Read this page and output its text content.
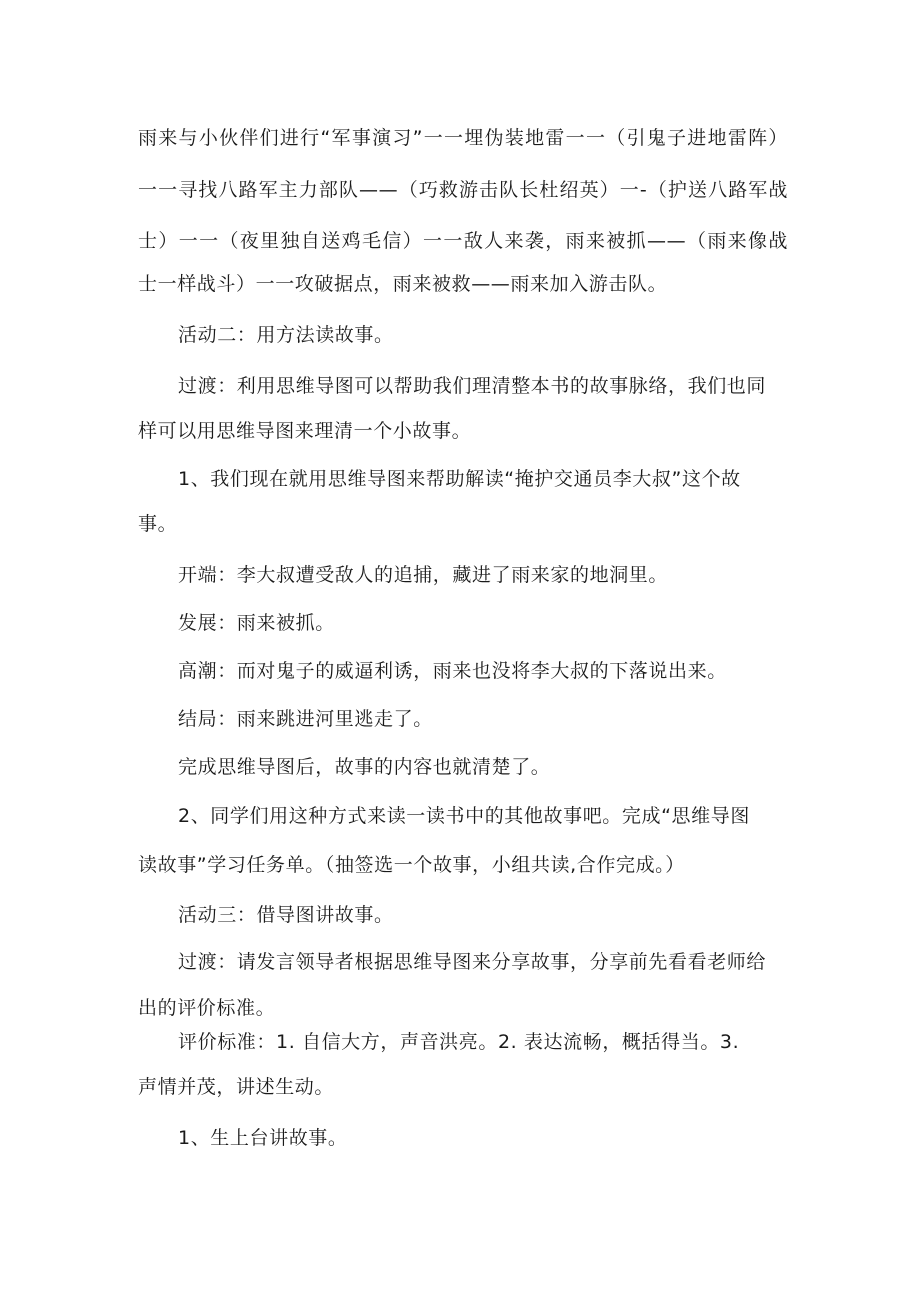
雨来与小伙伴们进行“军事演习”一一埋伪装地雷一一（引鬼子进地雷阵）
一一寻找八路军主力部队——（巧救游击队长杜绍英）一-（护送八路军战
士）一一（夜里独自送鸡毛信）一一敌人来袭，雨来被抓——（雨来像战
士一样战斗）一一攻破据点，雨来被救——雨来加入游击队。
活动二：用方法读故事。
过渡：利用思维导图可以帮助我们理清整本书的故事脉络，我们也同
样可以用思维导图来理清一个小故事。
1、我们现在就用思维导图来帮助解读“掩护交通员李大叔”这个故
事。
开端：李大叔遭受敌人的追捕，藏进了雨来家的地洞里。
发展：雨来被抓。
高潮：而对鬼子的威逼利诱，雨来也没将李大叔的下落说出来。
结局：雨来跳进河里逃走了。
完成思维导图后，故事的内容也就清楚了。
2、同学们用这种方式来读一读书中的其他故事吧。完成“思维导图
读故事”学习任务单。（抽签选一个故事，小组共读,合作完成。）
活动三：借导图讲故事。
过渡：请发言领导者根据思维导图来分享故事，分享前先看看老师给
出的评价标准。
评价标准：1. 自信大方，声音洪亮。2. 表达流畅，概括得当。3.
声情并茂，讲述生动。
1、生上台讲故事。
